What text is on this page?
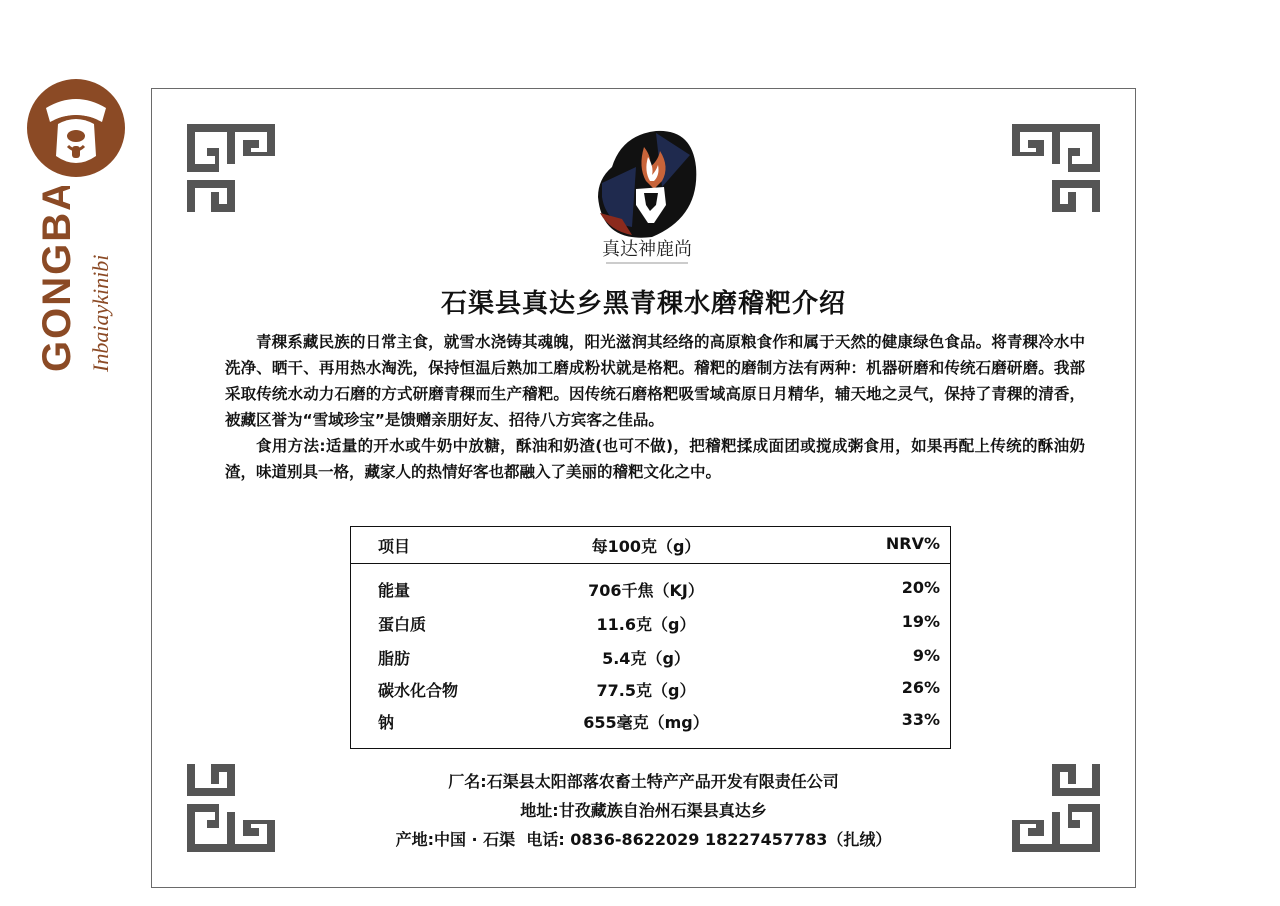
GONGBA Inbaiaykinibi
真达神鹿尚
石渠县真达乡黑青稞水磨稽粑介绍

青稞系藏民族的日常主食，就雪水浇铸其魂魄，阳光滋润其经络的高原粮食作和属于天然的健康绿色食品。将青稞冷水中洗净、晒干、再用热水淘洗，保持恒温后熟加工磨成粉状就是格粑。稽粑的磨制方法有两种：机器研磨和传统石磨研磨。我部采取传统水动力石磨的方式研磨青稞而生产稽粑。因传统石磨格粑吸雪域高原日月精华，辅天地之灵气，保持了青稞的清香，被藏区誉为“雪域珍宝”是馈赠亲朋好友、招待八方宾客之佳品。

食用方法:适量的开水或牛奶中放糖，酥油和奶渣(也可不做)，把稽粑揉成面团或搅成粥食用，如果再配上传统的酥油奶渣，味道别具一格，藏家人的热情好客也都融入了美丽的稽粑文化之中。

项目	每100克（g）	NRV%
能量	706千焦（KJ）	20%
蛋白质	11.6克（g）	19%
脂肪	5.4克（g）	9%
碳水化合物	77.5克（g）	26%
钠	655毫克（mg）	33%
厂名:石渠县太阳部落农畜土特产产品开发有限责任公司
地址:甘孜藏族自治州石渠县真达乡
产地:中国 · 石渠  电话: 0836-8622029 18227457783（扎绒）
